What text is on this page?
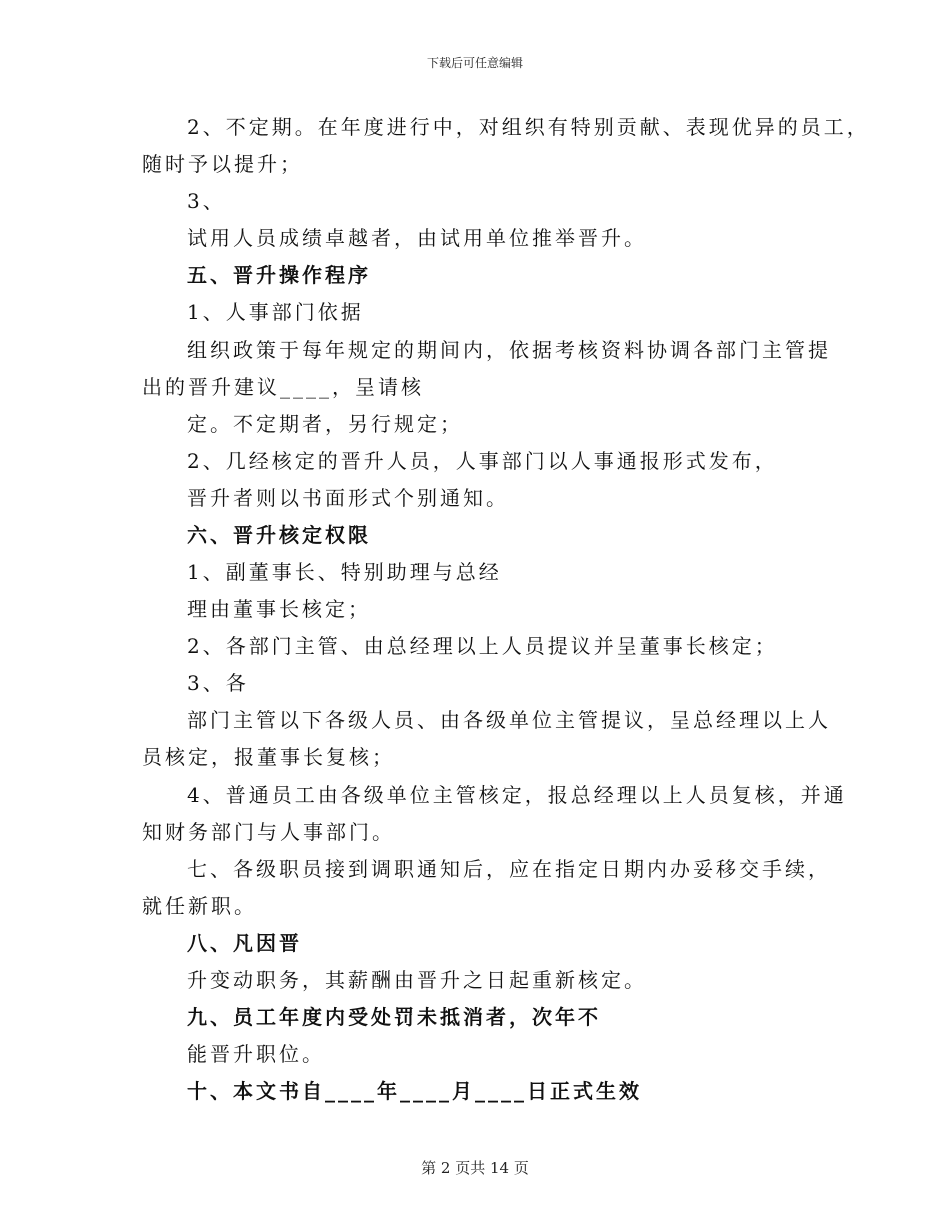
下载后可任意编辑
2、不定期。在年度进行中，对组织有特别贡献、表现优异的员工，
随时予以提升；
3、
试用人员成绩卓越者，由试用单位推举晋升。
五、晋升操作程序
1、人事部门依据
组织政策于每年规定的期间内，依据考核资料协调各部门主管提
出的晋升建议____，呈请核
定。不定期者，另行规定；
2、几经核定的晋升人员，人事部门以人事通报形式发布，
晋升者则以书面形式个别通知。
六、晋升核定权限
1、副董事长、特别助理与总经
理由董事长核定；
2、各部门主管、由总经理以上人员提议并呈董事长核定；
3、各
部门主管以下各级人员、由各级单位主管提议，呈总经理以上人
员核定，报董事长复核；
4、普通员工由各级单位主管核定，报总经理以上人员复核，并通
知财务部门与人事部门。
七、各级职员接到调职通知后，应在指定日期内办妥移交手续，
就任新职。
八、凡因晋
升变动职务，其薪酬由晋升之日起重新核定。
九、员工年度内受处罚未抵消者，次年不
能晋升职位。
十、本文书自____年____月____日正式生效
第 2 页共 14 页
